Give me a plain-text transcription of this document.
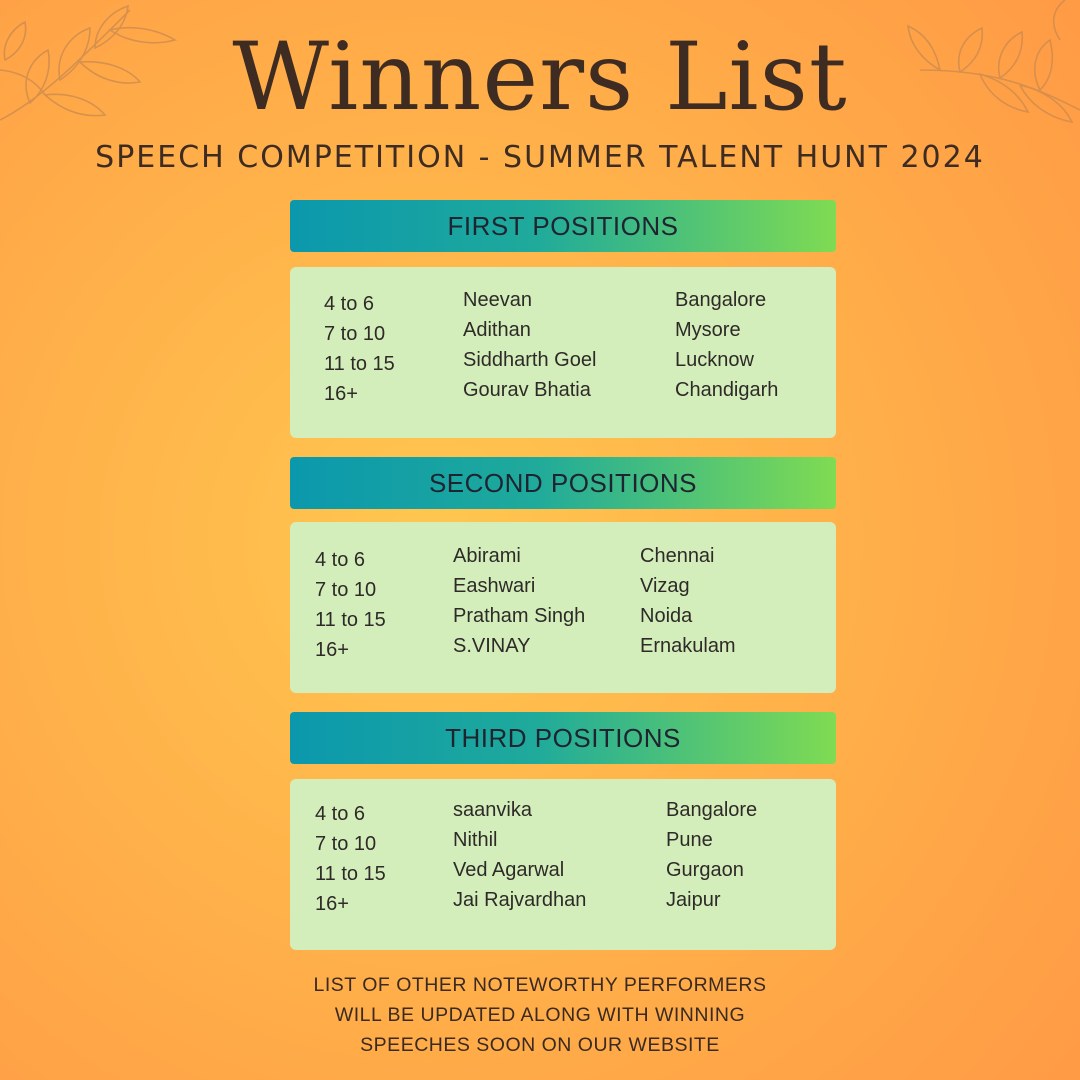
Winners List
SPEECH COMPETITION - SUMMER TALENT HUNT 2024
FIRST POSITIONS
4 to 6
7 to 10
11 to 15
16+
Neevan
Adithan
Siddharth Goel
Gourav Bhatia
Bangalore
Mysore
Lucknow
Chandigarh
SECOND POSITIONS
4 to 6
7 to 10
11 to 15
16+
Abirami
Eashwari
Pratham Singh
S.VINAY
Chennai
Vizag
Noida
Ernakulam
THIRD POSITIONS
4 to 6
7 to 10
11 to 15
16+
saanvika
Nithil
Ved Agarwal
Jai Rajvardhan
Bangalore
Pune
Gurgaon
Jaipur
LIST OF OTHER NOTEWORTHY PERFORMERS
WILL BE UPDATED ALONG WITH WINNING
SPEECHES SOON ON OUR WEBSITE
